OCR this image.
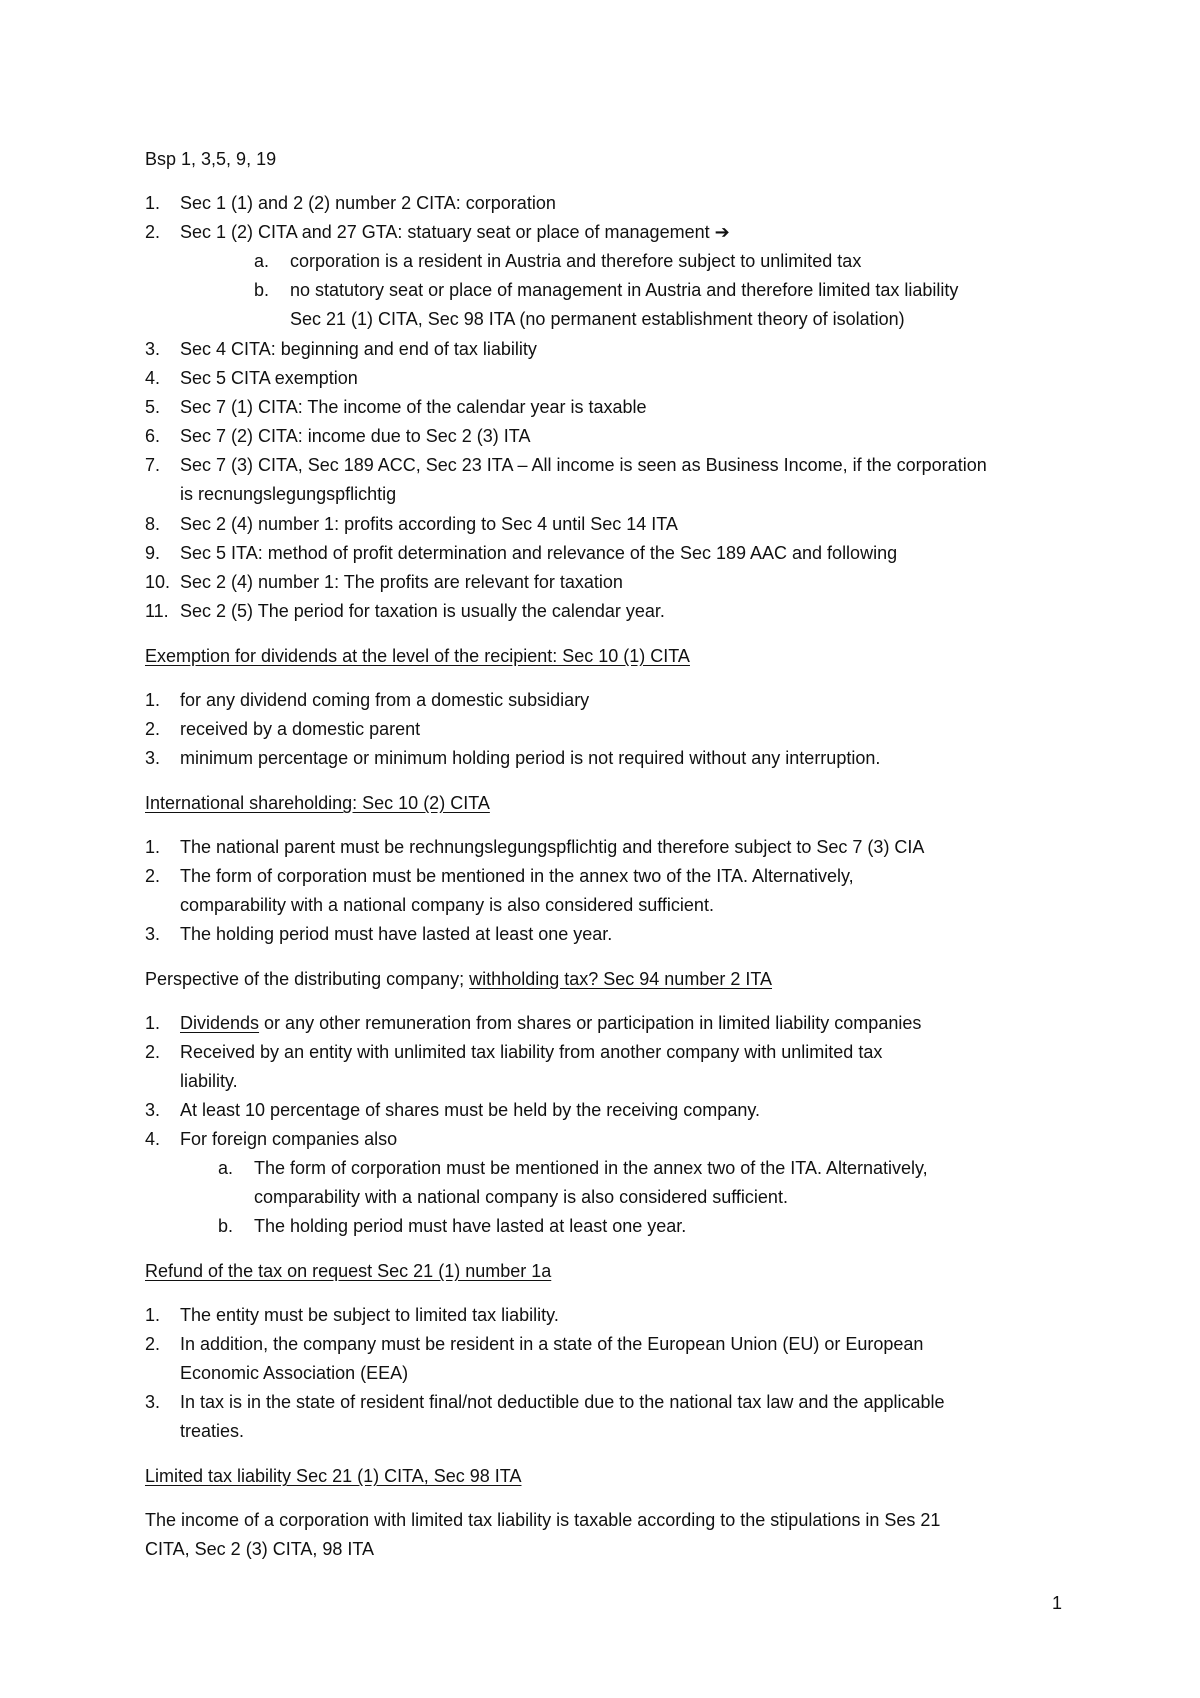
Bsp 1, 3,5, 9, 19
1. Sec 1 (1) and 2 (2) number 2 CITA: corporation
2. Sec 1 (2) CITA and 27 GTA: statuary seat or place of management ➔
a. corporation is a resident in Austria and therefore subject to unlimited tax
b. no statutory seat or place of management in Austria and therefore limited tax liability
Sec 21 (1) CITA, Sec 98 ITA (no permanent establishment theory of isolation)
3. Sec 4 CITA: beginning and end of tax liability
4. Sec 5 CITA exemption
5. Sec 7 (1) CITA: The income of the calendar year is taxable
6. Sec 7 (2) CITA: income due to Sec 2 (3) ITA
7. Sec 7 (3) CITA, Sec 189 ACC, Sec 23 ITA – All income is seen as Business Income, if the corporation
is recnungslegungspflichtig
8. Sec 2 (4) number 1: profits according to Sec 4 until Sec 14 ITA
9. Sec 5 ITA: method of profit determination and relevance of the Sec 189 AAC and following
10. Sec 2 (4) number 1: The profits are relevant for taxation
11. Sec 2 (5) The period for taxation is usually the calendar year.
Exemption for dividends at the level of the recipient: Sec 10 (1) CITA
1. for any dividend coming from a domestic subsidiary
2. received by a domestic parent
3. minimum percentage or minimum holding period is not required without any interruption.
International shareholding: Sec 10 (2) CITA
1. The national parent must be rechnungslegungspflichtig and therefore subject to Sec 7 (3) CIA
2. The form of corporation must be mentioned in the annex two of the ITA. Alternatively,
comparability with a national company is also considered sufficient.
3. The holding period must have lasted at least one year.
Perspective of the distributing company; withholding tax? Sec 94 number 2 ITA
1. Dividends or any other remuneration from shares or participation in limited liability companies
2. Received by an entity with unlimited tax liability from another company with unlimited tax
liability.
3. At least 10 percentage of shares must be held by the receiving company.
4. For foreign companies also
a. The form of corporation must be mentioned in the annex two of the ITA. Alternatively,
comparability with a national company is also considered sufficient.
b. The holding period must have lasted at least one year.
Refund of the tax on request Sec 21 (1) number 1a
1. The entity must be subject to limited tax liability.
2. In addition, the company must be resident in a state of the European Union (EU) or European
Economic Association (EEA)
3. In tax is in the state of resident final/not deductible due to the national tax law and the applicable
treaties.
Limited tax liability Sec 21 (1) CITA, Sec 98 ITA
The income of a corporation with limited tax liability is taxable according to the stipulations in Ses 21
CITA, Sec 2 (3) CITA, 98 ITA
1
